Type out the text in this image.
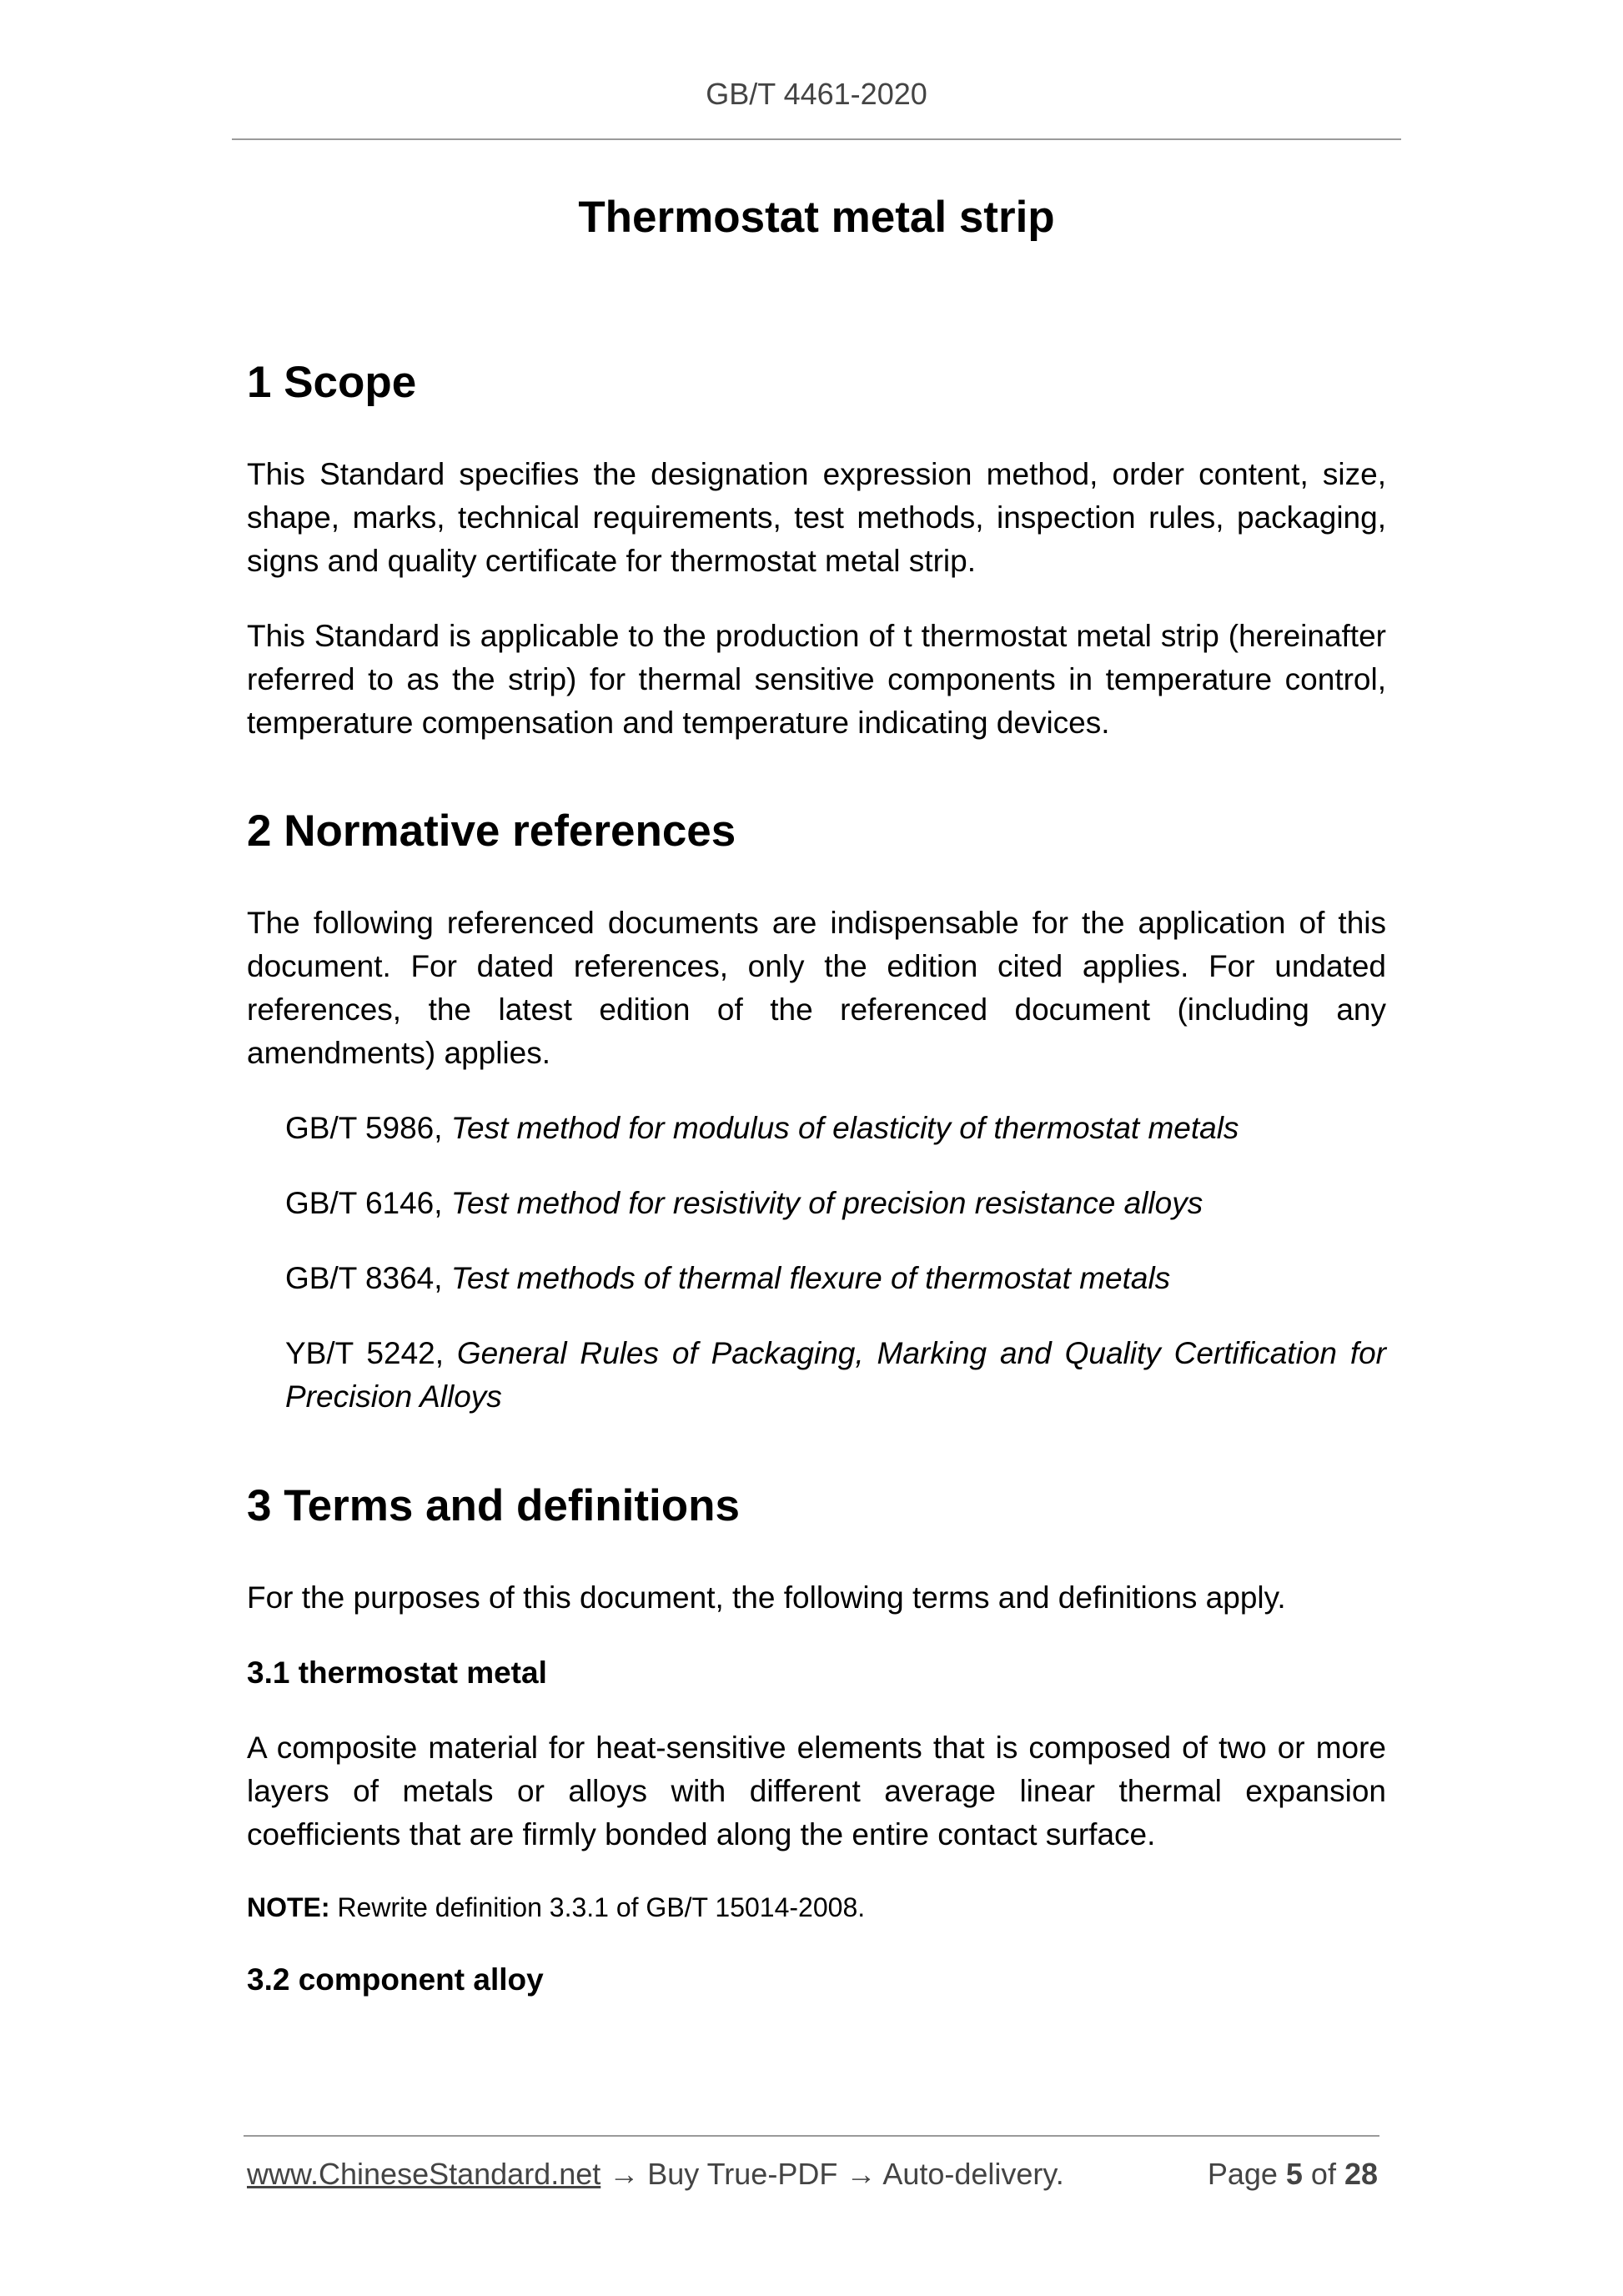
GB/T 4461-2020
Thermostat metal strip
1 Scope

This Standard specifies the designation expression method, order content, size, shape, marks, technical requirements, test methods, inspection rules, packaging, signs and quality certificate for thermostat metal strip.

This Standard is applicable to the production of t thermostat metal strip (hereinafter referred to as the strip) for thermal sensitive components in temperature control, temperature compensation and temperature indicating devices.

2 Normative references

The following referenced documents are indispensable for the application of this document. For dated references, only the edition cited applies. For undated references, the latest edition of the referenced document (including any amendments) applies.

GB/T 5986, Test method for modulus of elasticity of thermostat metals
GB/T 6146, Test method for resistivity of precision resistance alloys
GB/T 8364, Test methods of thermal flexure of thermostat metals
YB/T 5242, General Rules of Packaging, Marking and Quality Certification for Precision Alloys
3 Terms and definitions

For the purposes of this document, the following terms and definitions apply.

3.1 thermostat metal

A composite material for heat-sensitive elements that is composed of two or more layers of metals or alloys with different average linear thermal expansion coefficients that are firmly bonded along the entire contact surface.

NOTE: Rewrite definition 3.3.1 of GB/T 15014-2008.
3.2 component alloy
www.ChineseStandard.net → Buy True-PDF → Auto-delivery.	Page 5 of 28
